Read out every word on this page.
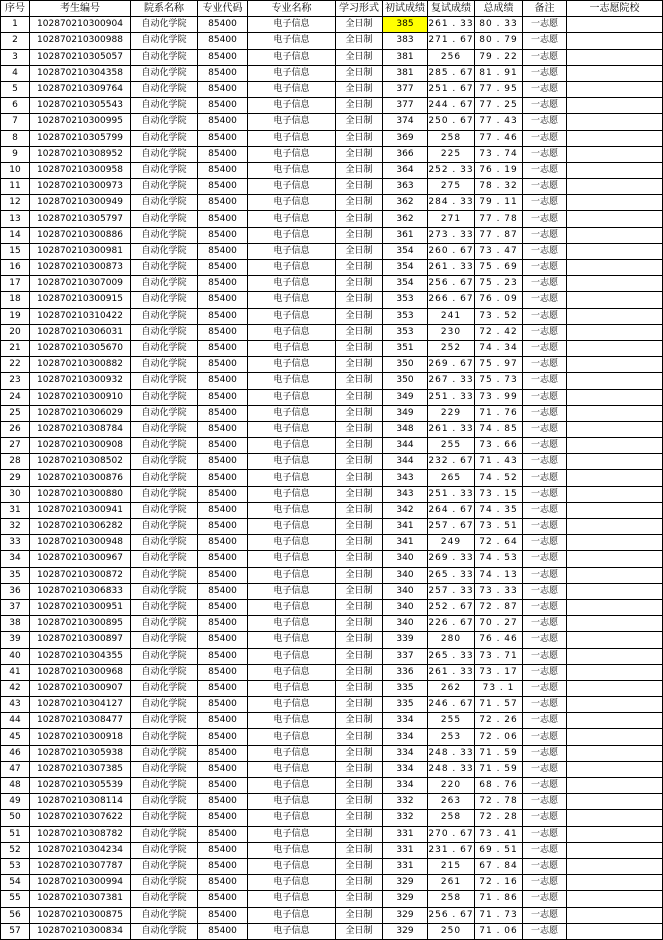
序号	考生编号	院系名称	专业代码	专业名称	学习形式	初试成绩	复试成绩	总成绩	备注	一志愿院校
1	102870210300904	自动化学院	85400	电子信息	全日制	385	261 . 33	80 . 33	一志愿	
2	102870210300988	自动化学院	85400	电子信息	全日制	383	271 . 67	80 . 79	一志愿	
3	102870210305057	自动化学院	85400	电子信息	全日制	381	256	79 . 22	一志愿	
4	102870210304358	自动化学院	85400	电子信息	全日制	381	285 . 67	81 . 91	一志愿	
5	102870210309764	自动化学院	85400	电子信息	全日制	377	251 . 67	77 . 95	一志愿	
6	102870210305543	自动化学院	85400	电子信息	全日制	377	244 . 67	77 . 25	一志愿	
7	102870210300995	自动化学院	85400	电子信息	全日制	374	250 . 67	77 . 43	一志愿	
8	102870210305799	自动化学院	85400	电子信息	全日制	369	258	77 . 46	一志愿	
9	102870210308952	自动化学院	85400	电子信息	全日制	366	225	73 . 74	一志愿	
10	102870210300958	自动化学院	85400	电子信息	全日制	364	252 . 33	76 . 19	一志愿	
11	102870210300973	自动化学院	85400	电子信息	全日制	363	275	78 . 32	一志愿	
12	102870210300949	自动化学院	85400	电子信息	全日制	362	284 . 33	79 . 11	一志愿	
13	102870210305797	自动化学院	85400	电子信息	全日制	362	271	77 . 78	一志愿	
14	102870210300886	自动化学院	85400	电子信息	全日制	361	273 . 33	77 . 87	一志愿	
15	102870210300981	自动化学院	85400	电子信息	全日制	354	260 . 67	73 . 47	一志愿	
16	102870210300873	自动化学院	85400	电子信息	全日制	354	261 . 33	75 . 69	一志愿	
17	102870210307009	自动化学院	85400	电子信息	全日制	354	256 . 67	75 . 23	一志愿	
18	102870210300915	自动化学院	85400	电子信息	全日制	353	266 . 67	76 . 09	一志愿	
19	102870210310422	自动化学院	85400	电子信息	全日制	353	241	73 . 52	一志愿	
20	102870210306031	自动化学院	85400	电子信息	全日制	353	230	72 . 42	一志愿	
21	102870210305670	自动化学院	85400	电子信息	全日制	351	252	74 . 34	一志愿	
22	102870210300882	自动化学院	85400	电子信息	全日制	350	269 . 67	75 . 97	一志愿	
23	102870210300932	自动化学院	85400	电子信息	全日制	350	267 . 33	75 . 73	一志愿	
24	102870210300910	自动化学院	85400	电子信息	全日制	349	251 . 33	73 . 99	一志愿	
25	102870210306029	自动化学院	85400	电子信息	全日制	349	229	71 . 76	一志愿	
26	102870210308784	自动化学院	85400	电子信息	全日制	348	261 . 33	74 . 85	一志愿	
27	102870210300908	自动化学院	85400	电子信息	全日制	344	255	73 . 66	一志愿	
28	102870210308502	自动化学院	85400	电子信息	全日制	344	232 . 67	71 . 43	一志愿	
29	102870210300876	自动化学院	85400	电子信息	全日制	343	265	74 . 52	一志愿	
30	102870210300880	自动化学院	85400	电子信息	全日制	343	251 . 33	73 . 15	一志愿	
31	102870210300941	自动化学院	85400	电子信息	全日制	342	264 . 67	74 . 35	一志愿	
32	102870210306282	自动化学院	85400	电子信息	全日制	341	257 . 67	73 . 51	一志愿	
33	102870210300948	自动化学院	85400	电子信息	全日制	341	249	72 . 64	一志愿	
34	102870210300967	自动化学院	85400	电子信息	全日制	340	269 . 33	74 . 53	一志愿	
35	102870210300872	自动化学院	85400	电子信息	全日制	340	265 . 33	74 . 13	一志愿	
36	102870210306833	自动化学院	85400	电子信息	全日制	340	257 . 33	73 . 33	一志愿	
37	102870210300951	自动化学院	85400	电子信息	全日制	340	252 . 67	72 . 87	一志愿	
38	102870210300895	自动化学院	85400	电子信息	全日制	340	226 . 67	70 . 27	一志愿	
39	102870210300897	自动化学院	85400	电子信息	全日制	339	280	76 . 46	一志愿	
40	102870210304355	自动化学院	85400	电子信息	全日制	337	265 . 33	73 . 71	一志愿	
41	102870210300968	自动化学院	85400	电子信息	全日制	336	261 . 33	73 . 17	一志愿	
42	102870210300907	自动化学院	85400	电子信息	全日制	335	262	73 . 1	一志愿	
43	102870210304127	自动化学院	85400	电子信息	全日制	335	246 . 67	71 . 57	一志愿	
44	102870210308477	自动化学院	85400	电子信息	全日制	334	255	72 . 26	一志愿	
45	102870210300918	自动化学院	85400	电子信息	全日制	334	253	72 . 06	一志愿	
46	102870210305938	自动化学院	85400	电子信息	全日制	334	248 . 33	71 . 59	一志愿	
47	102870210307385	自动化学院	85400	电子信息	全日制	334	248 . 33	71 . 59	一志愿	
48	102870210305539	自动化学院	85400	电子信息	全日制	334	220	68 . 76	一志愿	
49	102870210308114	自动化学院	85400	电子信息	全日制	332	263	72 . 78	一志愿	
50	102870210307622	自动化学院	85400	电子信息	全日制	332	258	72 . 28	一志愿	
51	102870210308782	自动化学院	85400	电子信息	全日制	331	270 . 67	73 . 41	一志愿	
52	102870210304234	自动化学院	85400	电子信息	全日制	331	231 . 67	69 . 51	一志愿	
53	102870210307787	自动化学院	85400	电子信息	全日制	331	215	67 . 84	一志愿	
54	102870210300994	自动化学院	85400	电子信息	全日制	329	261	72 . 16	一志愿	
55	102870210307381	自动化学院	85400	电子信息	全日制	329	258	71 . 86	一志愿	
56	102870210300875	自动化学院	85400	电子信息	全日制	329	256 . 67	71 . 73	一志愿	
57	102870210300834	自动化学院	85400	电子信息	全日制	329	250	71 . 06	一志愿	
